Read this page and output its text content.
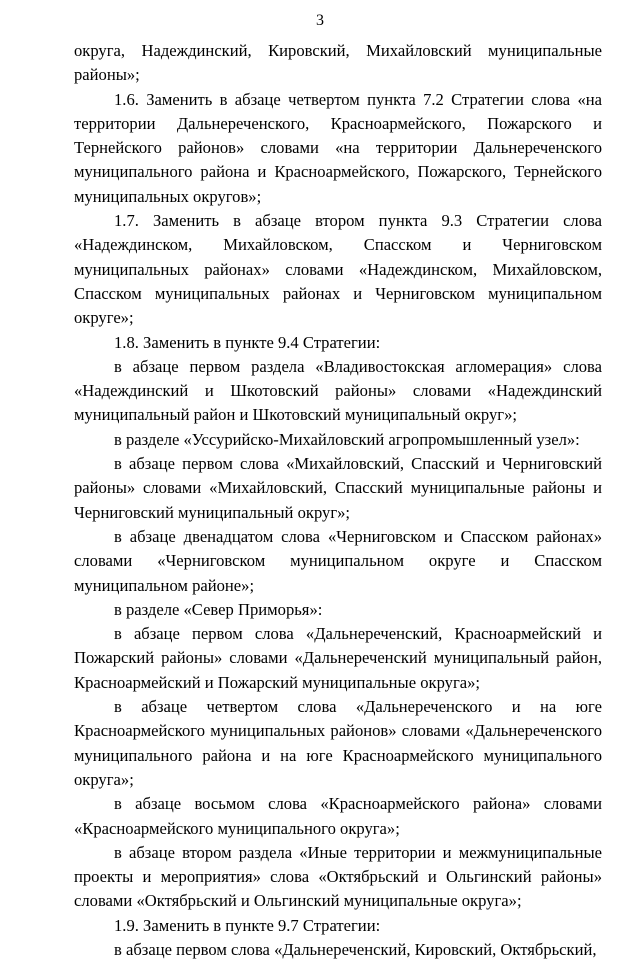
3

округа, Надеждинский, Кировский, Михайловский муниципальные районы»;

1.6. Заменить в абзаце четвертом пункта 7.2 Стратегии слова «на территории Дальнереченского, Красноармейского, Пожарского и Тернейского районов» словами «на территории Дальнереченского муниципального района и Красноармейского, Пожарского, Тернейского муниципальных округов»;

1.7. Заменить в абзаце втором пункта 9.3 Стратегии слова «Надеждинском, Михайловском, Спасском и Черниговском муниципальных районах» словами «Надеждинском, Михайловском, Спасском муниципальных районах и Черниговском муниципальном округе»;

1.8. Заменить в пункте 9.4 Стратегии:

в абзаце первом раздела «Владивостокская агломерация» слова «Надеждинский и Шкотовский районы» словами «Надеждинский муниципальный район и Шкотовский муниципальный округ»;

в разделе «Уссурийско-Михайловский агропромышленный узел»:

в абзаце первом слова «Михайловский, Спасский и Черниговский районы» словами «Михайловский, Спасский муниципальные районы и Черниговский муниципальный округ»;

в абзаце двенадцатом слова «Черниговском и Спасском районах» словами «Черниговском муниципальном округе и Спасском муниципальном районе»;

в разделе «Север Приморья»:

в абзаце первом слова «Дальнереченский, Красноармейский и Пожарский районы» словами «Дальнереченский муниципальный район, Красноармейский и Пожарский муниципальные округа»;

в абзаце четвертом слова «Дальнереченского и на юге Красноармейского муниципальных районов» словами «Дальнереченского муниципального района и на юге Красноармейского муниципального округа»;

в абзаце восьмом слова «Красноармейского района» словами «Красноармейского муниципального округа»;

в абзаце втором раздела «Иные территории и межмуниципальные проекты и мероприятия» слова «Октябрьский и Ольгинский районы» словами «Октябрьский и Ольгинский муниципальные округа»;

1.9. Заменить в пункте 9.7 Стратегии:

в абзаце первом слова «Дальнереченский, Кировский, Октябрьский,
